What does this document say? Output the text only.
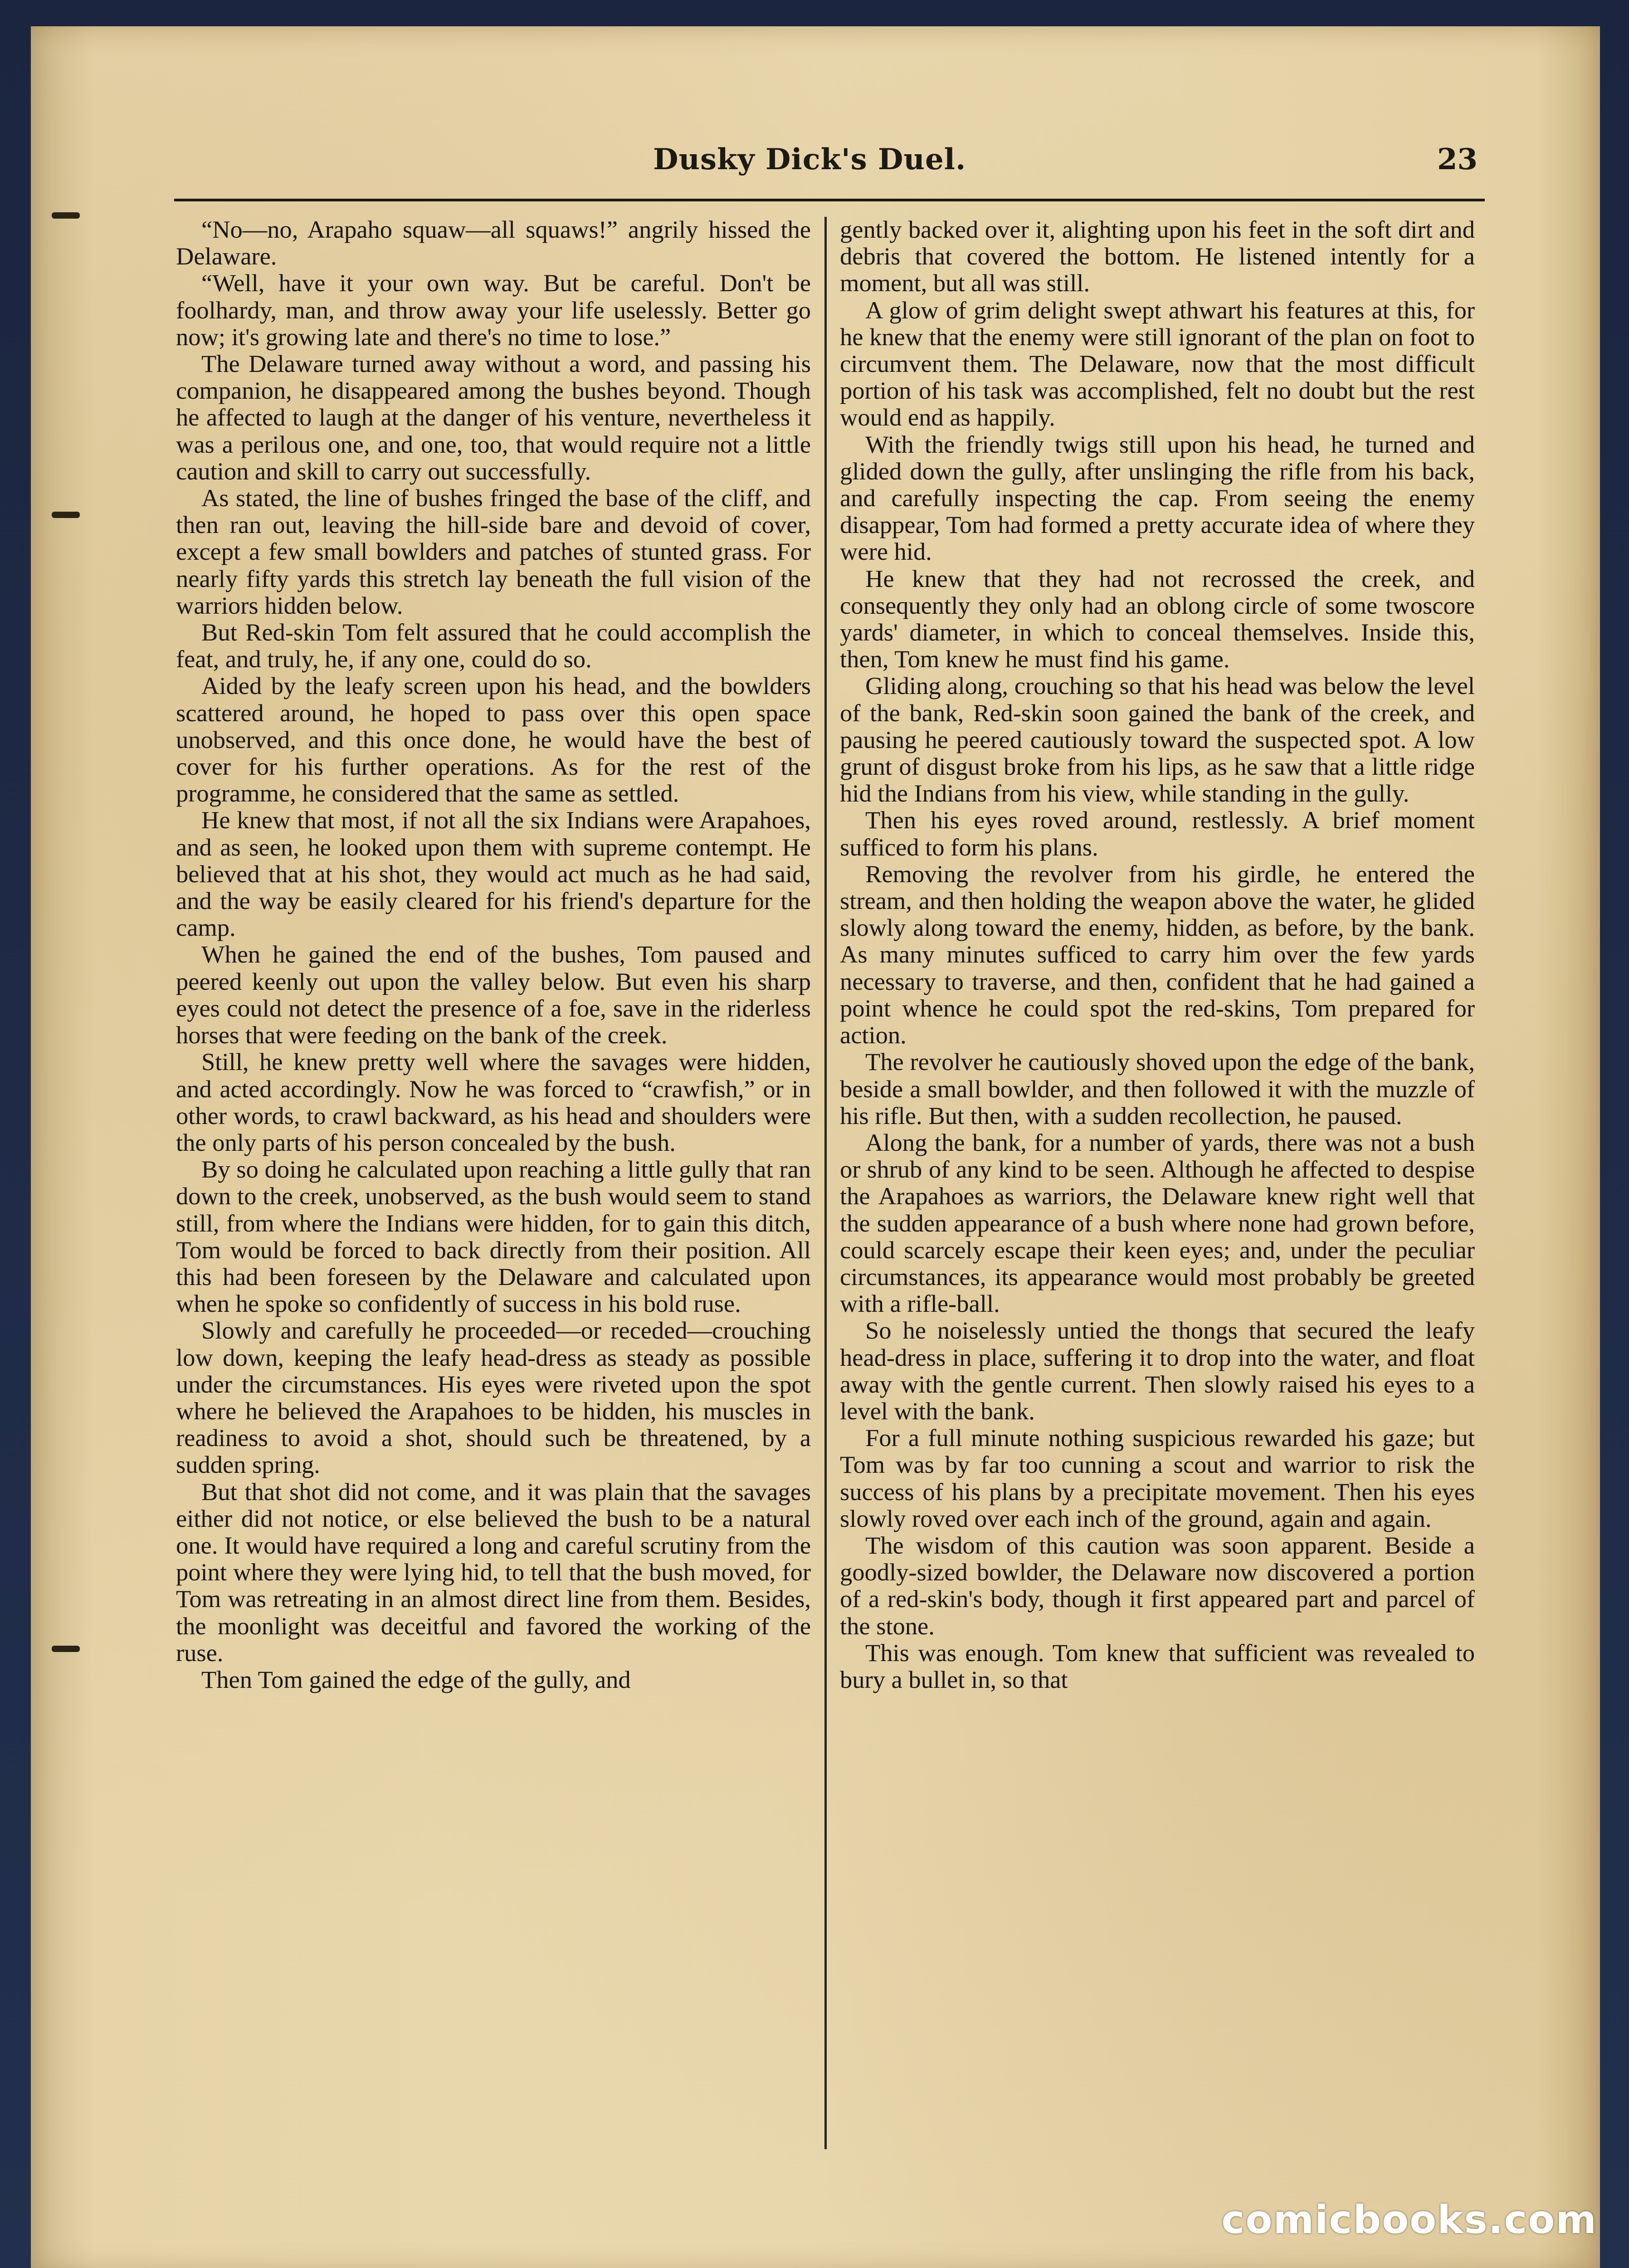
Dusky Dick's Duel.	23

“No—no, Arapaho squaw—all squaws!” angrily hissed the Delaware.

“Well, have it your own way. But be careful. Don't be foolhardy, man, and throw away your life uselessly. Better go now; it's growing late and there's no time to lose.”

The Delaware turned away without a word, and passing his companion, he disappeared among the bushes beyond. Though he affected to laugh at the danger of his venture, nevertheless it was a perilous one, and one, too, that would require not a little caution and skill to carry out successfully.

As stated, the line of bushes fringed the base of the cliff, and then ran out, leaving the hill-side bare and devoid of cover, except a few small bowlders and patches of stunted grass. For nearly fifty yards this stretch lay beneath the full vision of the warriors hidden below.

But Red-skin Tom felt assured that he could accomplish the feat, and truly, he, if any one, could do so.

Aided by the leafy screen upon his head, and the bowlders scattered around, he hoped to pass over this open space unobserved, and this once done, he would have the best of cover for his further operations. As for the rest of the programme, he considered that the same as settled.

He knew that most, if not all the six Indians were Arapahoes, and as seen, he looked upon them with supreme contempt. He believed that at his shot, they would act much as he had said, and the way be easily cleared for his friend's departure for the camp.

When he gained the end of the bushes, Tom paused and peered keenly out upon the valley below. But even his sharp eyes could not detect the presence of a foe, save in the riderless horses that were feeding on the bank of the creek.

Still, he knew pretty well where the savages were hidden, and acted accordingly. Now he was forced to “crawfish,” or in other words, to crawl backward, as his head and shoulders were the only parts of his person concealed by the bush.

By so doing he calculated upon reaching a little gully that ran down to the creek, unobserved, as the bush would seem to stand still, from where the Indians were hidden, for to gain this ditch, Tom would be forced to back directly from their position. All this had been foreseen by the Delaware and calculated upon when he spoke so confidently of success in his bold ruse.

Slowly and carefully he proceeded—or receded—crouching low down, keeping the leafy head-dress as steady as possible under the circumstances. His eyes were riveted upon the spot where he believed the Arapahoes to be hidden, his muscles in readiness to avoid a shot, should such be threatened, by a sudden spring.

But that shot did not come, and it was plain that the savages either did not notice, or else believed the bush to be a natural one. It would have required a long and careful scrutiny from the point where they were lying hid, to tell that the bush moved, for Tom was retreating in an almost direct line from them. Besides, the moonlight was deceitful and favored the working of the ruse.

Then Tom gained the edge of the gully, and

gently backed over it, alighting upon his feet in the soft dirt and debris that covered the bottom. He listened intently for a moment, but all was still.

A glow of grim delight swept athwart his features at this, for he knew that the enemy were still ignorant of the plan on foot to circumvent them. The Delaware, now that the most difficult portion of his task was accomplished, felt no doubt but the rest would end as happily.

With the friendly twigs still upon his head, he turned and glided down the gully, after unslinging the rifle from his back, and carefully inspecting the cap. From seeing the enemy disappear, Tom had formed a pretty accurate idea of where they were hid.

He knew that they had not recrossed the creek, and consequently they only had an oblong circle of some twoscore yards' diameter, in which to conceal themselves. Inside this, then, Tom knew he must find his game.

Gliding along, crouching so that his head was below the level of the bank, Red-skin soon gained the bank of the creek, and pausing he peered cautiously toward the suspected spot. A low grunt of disgust broke from his lips, as he saw that a little ridge hid the Indians from his view, while standing in the gully.

Then his eyes roved around, restlessly. A brief moment sufficed to form his plans.

Removing the revolver from his girdle, he entered the stream, and then holding the weapon above the water, he glided slowly along toward the enemy, hidden, as before, by the bank. As many minutes sufficed to carry him over the few yards necessary to traverse, and then, confident that he had gained a point whence he could spot the red-skins, Tom prepared for action.

The revolver he cautiously shoved upon the edge of the bank, beside a small bowlder, and then followed it with the muzzle of his rifle. But then, with a sudden recollection, he paused.

Along the bank, for a number of yards, there was not a bush or shrub of any kind to be seen. Although he affected to despise the Arapahoes as warriors, the Delaware knew right well that the sudden appearance of a bush where none had grown before, could scarcely escape their keen eyes; and, under the peculiar circumstances, its appearance would most probably be greeted with a rifle-ball.

So he noiselessly untied the thongs that secured the leafy head-dress in place, suffering it to drop into the water, and float away with the gentle current. Then slowly raised his eyes to a level with the bank.

For a full minute nothing suspicious rewarded his gaze; but Tom was by far too cunning a scout and warrior to risk the success of his plans by a precipitate movement. Then his eyes slowly roved over each inch of the ground, again and again.

The wisdom of this caution was soon apparent. Beside a goodly-sized bowlder, the Delaware now discovered a portion of a red-skin's body, though it first appeared part and parcel of the stone.

This was enough. Tom knew that sufficient was revealed to bury a bullet in, so that

comicbooks.com
